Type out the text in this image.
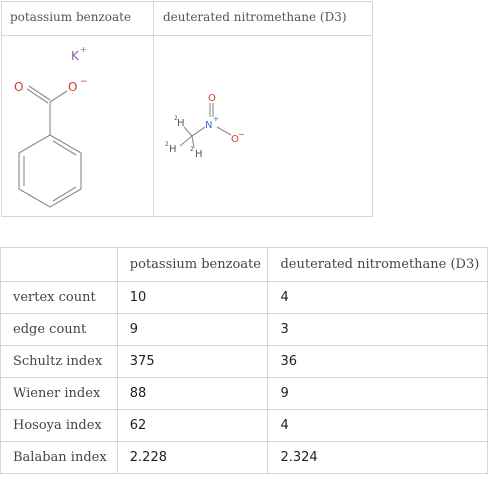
potassium benzoate	deuterated nitromethane (D3)
K +
O	O −
O
N
+
O −
2 H
2 H 2 H
	potassium benzoate	deuterated nitromethane (D3)
vertex count	10	4
edge count	9	3
Schultz index	375	36
Wiener index	88	9
Hosoya index	62	4
Balaban index	2.228	2.324
